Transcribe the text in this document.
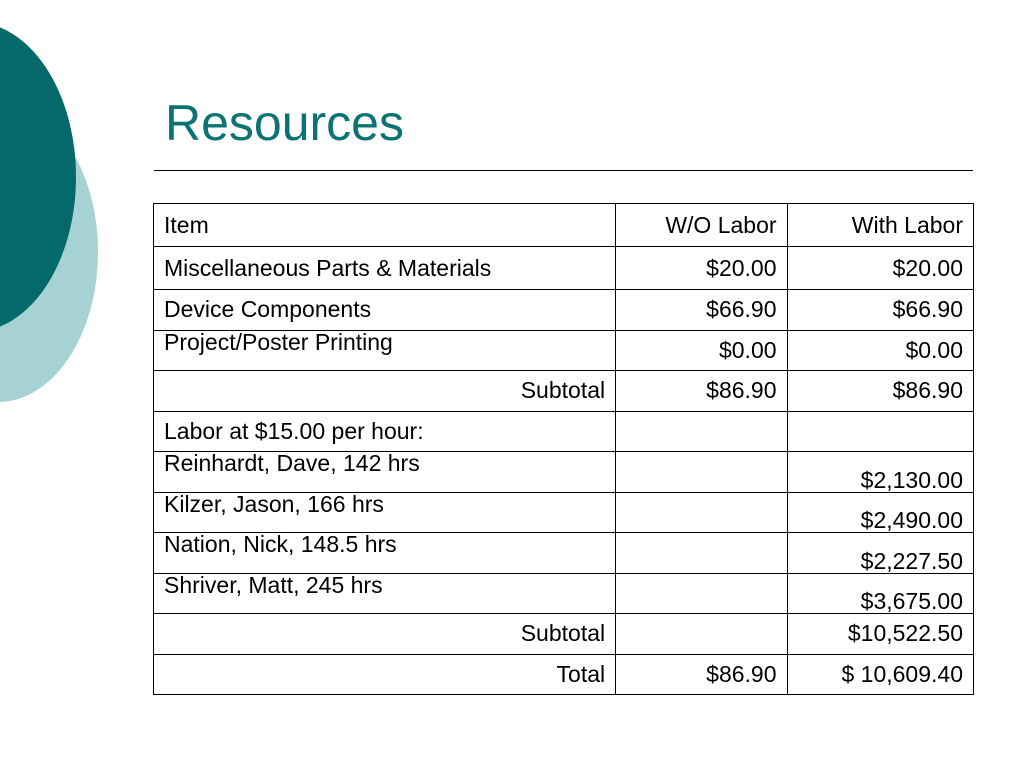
Resources
Item	W/O Labor	With Labor
Miscellaneous Parts & Materials	$20.00	$20.00
Device Components	$66.90	$66.90
Project/Poster Printing	$0.00	$0.00
Subtotal	$86.90	$86.90
Labor at $15.00 per hour:		
Reinhardt, Dave, 142 hrs		$2,130.00
Kilzer, Jason, 166 hrs		$2,490.00
Nation, Nick, 148.5 hrs		$2,227.50
Shriver, Matt, 245 hrs		$3,675.00
Subtotal		$10,522.50
Total	$86.90	$ 10,609.40
